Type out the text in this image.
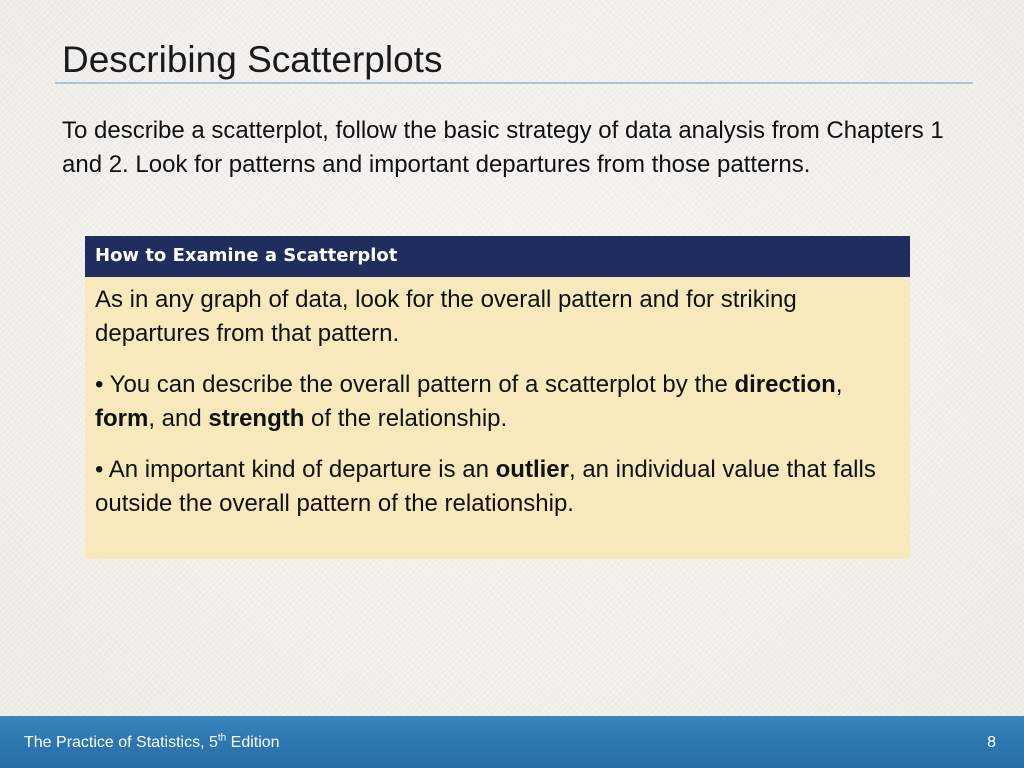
Describing Scatterplots
To describe a scatterplot, follow the basic strategy of data analysis from Chapters 1 and 2. Look for patterns and important departures from those patterns.
How to Examine a Scatterplot

As in any graph of data, look for the overall pattern and for striking departures from that pattern.

• You can describe the overall pattern of a scatterplot by the direction, form, and strength of the relationship.

• An important kind of departure is an outlier, an individual value that falls outside the overall pattern of the relationship.

The Practice of Statistics, 5th Edition	8
